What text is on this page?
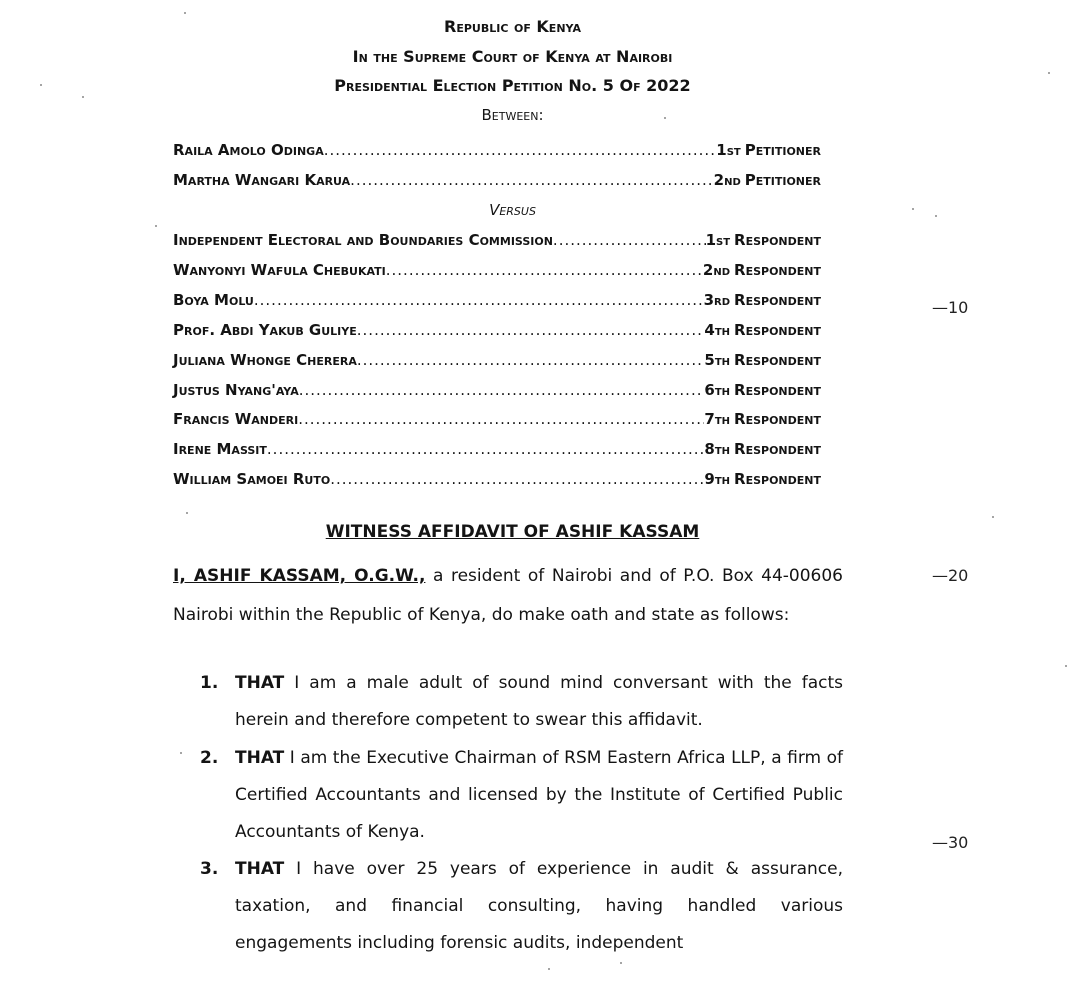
Republic of Kenya
In the Supreme Court of Kenya at Nairobi
Presidential Election Petition No. 5 Of 2022
Between:
Raila Amolo Odinga .....	1 ST Petitioner
Martha Wangari Karua .....	2 ND Petitioner
Versus
Independent Electoral and Boundaries Commission .....	1 ST Respondent
Wanyonyi Wafula Chebukati .....	2 ND Respondent
Boya Molu .....	3 RD Respondent
Prof. Abdi Yakub Guliye .....	4 TH Respondent
Juliana Whonge Cherera .....	5 TH Respondent
Justus Nyang'aya .....	6 TH Respondent
Francis Wanderi .....	7 TH Respondent
Irene Massit .....	8 TH Respondent
William Samoei Ruto .....	9 TH Respondent
WITNESS AFFIDAVIT OF ASHIF KASSAM
I, ASHIF KASSAM, O.G.W., a resident of Nairobi and of P.O. Box 44-00606 Nairobi within the Republic of Kenya, do make oath and state as follows:
1. THAT I am a male adult of sound mind conversant with the facts herein and therefore competent to swear this affidavit.
2. THAT I am the Executive Chairman of RSM Eastern Africa LLP, a firm of Certified Accountants and licensed by the Institute of Certified Public Accountants of Kenya.
3. THAT I have over 25 years of experience in audit & assurance, taxation, and financial consulting, having handled various engagements including forensic audits, independent
—10
—20
—30
